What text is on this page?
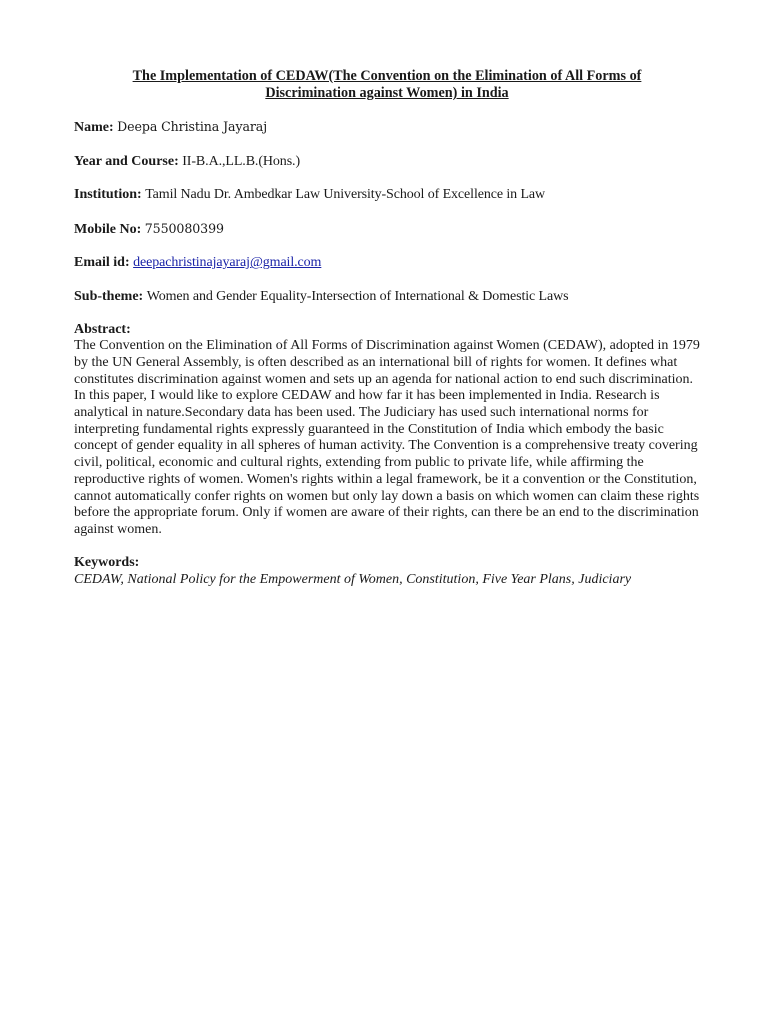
The Implementation of CEDAW(The Convention on the Elimination of All Forms of
Discrimination against Women) in India
Name: Deepa Christina Jayaraj
Year and Course: II-B.A.,LL.B.(Hons.)
Institution: Tamil Nadu Dr. Ambedkar Law University-School of Excellence in Law
Mobile No: 7550080399
Email id: deepachristinajayaraj@gmail.com
Sub-theme: Women and Gender Equality-Intersection of International & Domestic Laws
Abstract:
The Convention on the Elimination of All Forms of Discrimination against Women (CEDAW), adopted in 1979 by the UN General Assembly, is often described as an international bill of rights for women. It defines what constitutes discrimination against women and sets up an agenda for national action to end such discrimination. In this paper, I would like to explore CEDAW and how far it has been implemented in India. Research is analytical in nature.Secondary data has been used. The Judiciary has used such international norms for interpreting fundamental rights expressly guaranteed in the Constitution of India which embody the basic concept of gender equality in all spheres of human activity. The Convention is a comprehensive treaty covering civil, political, economic and cultural rights, extending from public to private life, while affirming the reproductive rights of women. Women's rights within a legal framework, be it a convention or the Constitution, cannot automatically confer rights on women but only lay down a basis on which women can claim these rights before the appropriate forum. Only if women are aware of their rights, can there be an end to the discrimination against women.
Keywords:
CEDAW, National Policy for the Empowerment of Women, Constitution, Five Year Plans, Judiciary
